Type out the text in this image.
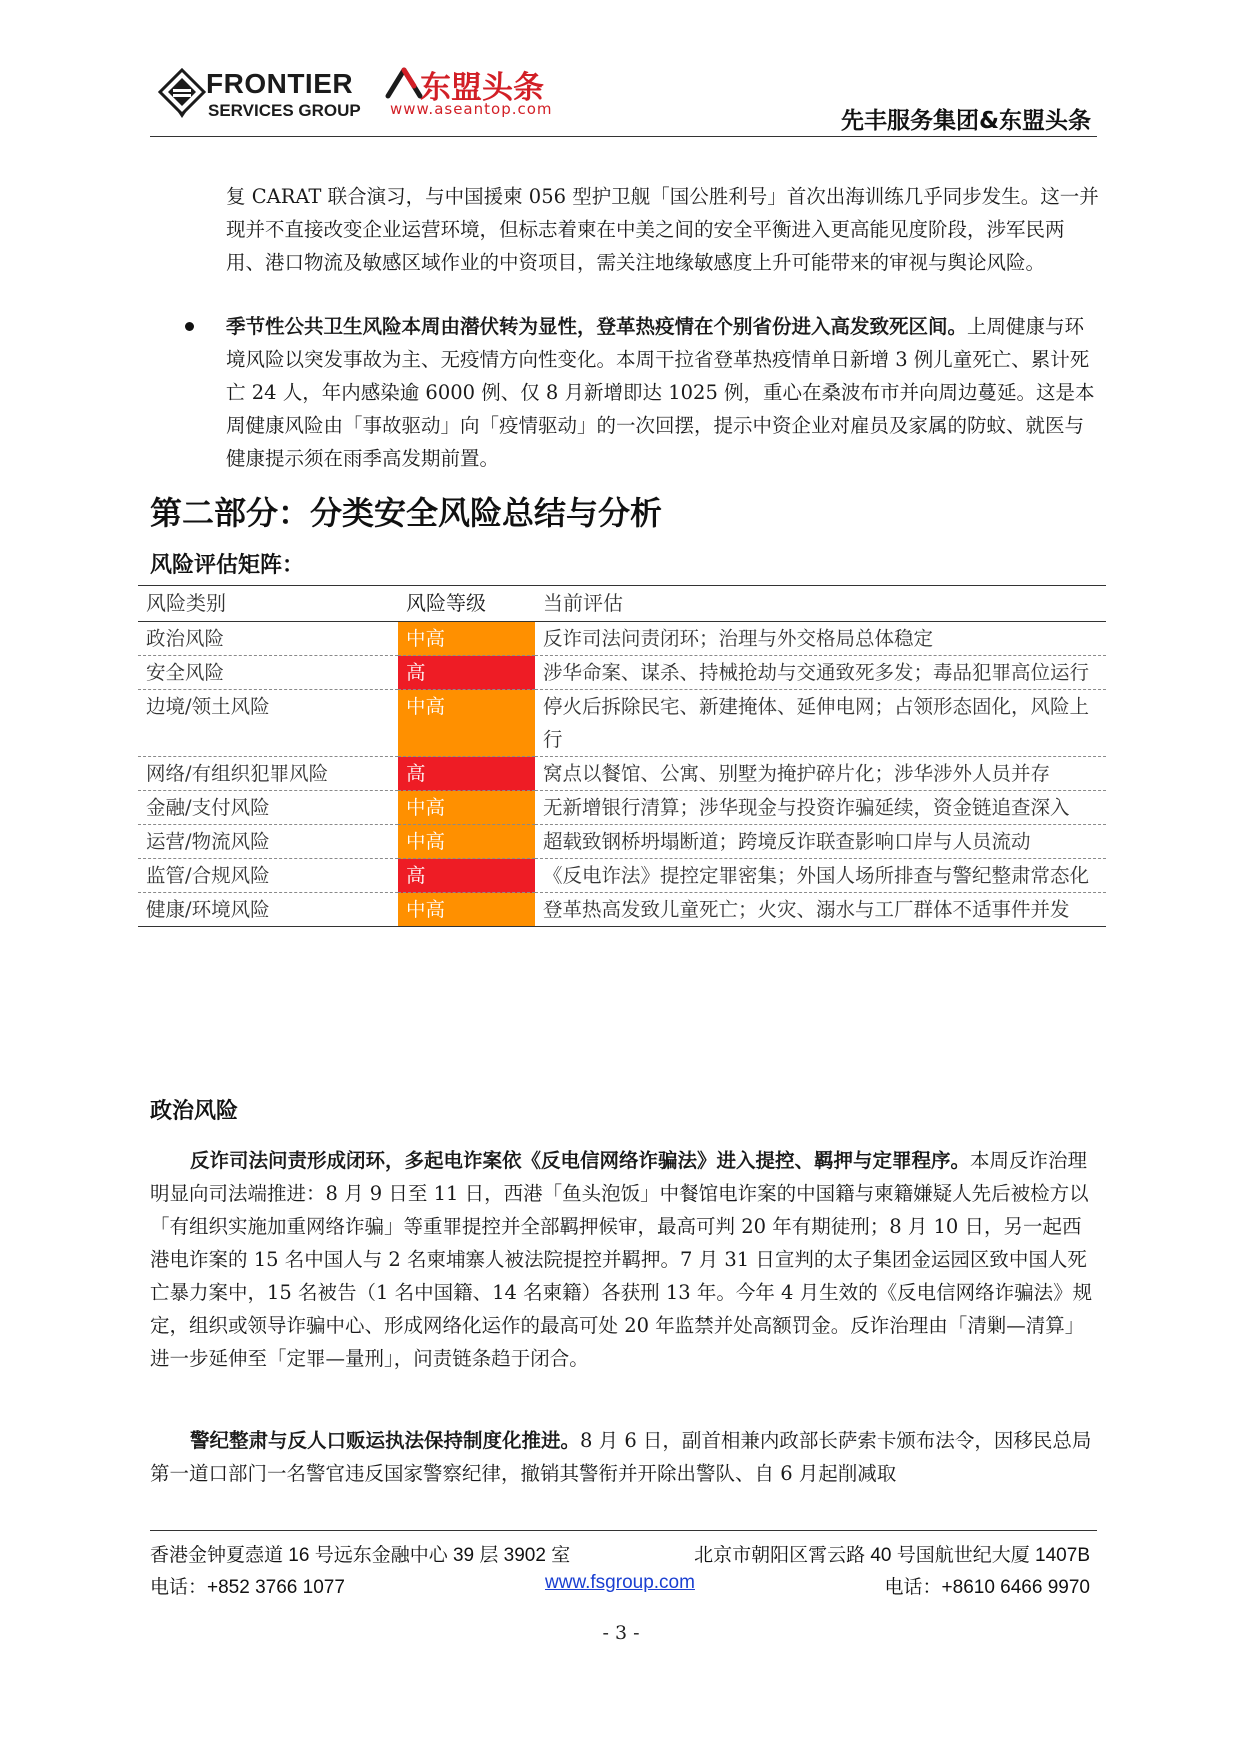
FRONTIER
SERVICES GROUP
东盟头条
www.aseantop.com	先丰服务集团&东盟头条

复 CARAT 联合演习，与中国援柬 056 型护卫舰「国公胜利号」首次出海训练几乎同步发生。这一并现并不直接改变企业运营环境，但标志着柬在中美之间的安全平衡进入更高能见度阶段，涉军民两用、港口物流及敏感区域作业的中资项目，需关注地缘敏感度上升可能带来的审视与舆论风险。

季节性公共卫生风险本周由潜伏转为显性，登革热疫情在个别省份进入高发致死区间。上周健康与环境风险以突发事故为主、无疫情方向性变化。本周干拉省登革热疫情单日新增 3 例儿童死亡、累计死亡 24 人，年内感染逾 6000 例、仅 8 月新增即达 1025 例，重心在桑波布市并向周边蔓延。这是本周健康风险由「事故驱动」向「疫情驱动」的一次回摆，提示中资企业对雇员及家属的防蚊、就医与健康提示须在雨季高发期前置。

第二部分：分类安全风险总结与分析
风险评估矩阵：
风险类别	风险等级	当前评估
政治风险	中高	反诈司法问责闭环；治理与外交格局总体稳定
安全风险	高	涉华命案、谋杀、持械抢劫与交通致死多发；毒品犯罪高位运行
边境/领土风险	中高	停火后拆除民宅、新建掩体、延伸电网；占领形态固化，风险上行
网络/有组织犯罪风险	高	窝点以餐馆、公寓、别墅为掩护碎片化；涉华涉外人员并存
金融/支付风险	中高	无新增银行清算；涉华现金与投资诈骗延续，资金链追查深入
运营/物流风险	中高	超载致钢桥坍塌断道；跨境反诈联查影响口岸与人员流动
监管/合规风险	高	《反电诈法》提控定罪密集；外国人场所排查与警纪整肃常态化
健康/环境风险	中高	登革热高发致儿童死亡；火灾、溺水与工厂群体不适事件并发
政治风险

反诈司法问责形成闭环，多起电诈案依《反电信网络诈骗法》进入提控、羁押与定罪程序。本周反诈治理明显向司法端推进：8 月 9 日至 11 日，西港「鱼头泡饭」中餐馆电诈案的中国籍与柬籍嫌疑人先后被检方以「有组织实施加重网络诈骗」等重罪提控并全部羁押候审，最高可判 20 年有期徒刑；8 月 10 日，另一起西港电诈案的 15 名中国人与 2 名柬埔寨人被法院提控并羁押。7 月 31 日宣判的太子集团金运园区致中国人死亡暴力案中，15 名被告（1 名中国籍、14 名柬籍）各获刑 13 年。今年 4 月生效的《反电信网络诈骗法》规定，组织或领导诈骗中心、形成网络化运作的最高可处 20 年监禁并处高额罚金。反诈治理由「清剿—清算」进一步延伸至「定罪—量刑」，问责链条趋于闭合。

警纪整肃与反人口贩运执法保持制度化推进。8 月 6 日，副首相兼内政部长萨索卡颁布法令，因移民总局第一道口部门一名警官违反国家警察纪律，撤销其警衔并开除出警队、自 6 月起削减取

香港金钟夏悫道 16 号远东金融中心 39 层 3902 室	北京市朝阳区霄云路 40 号国航世纪大厦 1407B
电话：+852 3766 1077	www.fsgroup.com	电话：+8610 6466 9970
- 3 -
